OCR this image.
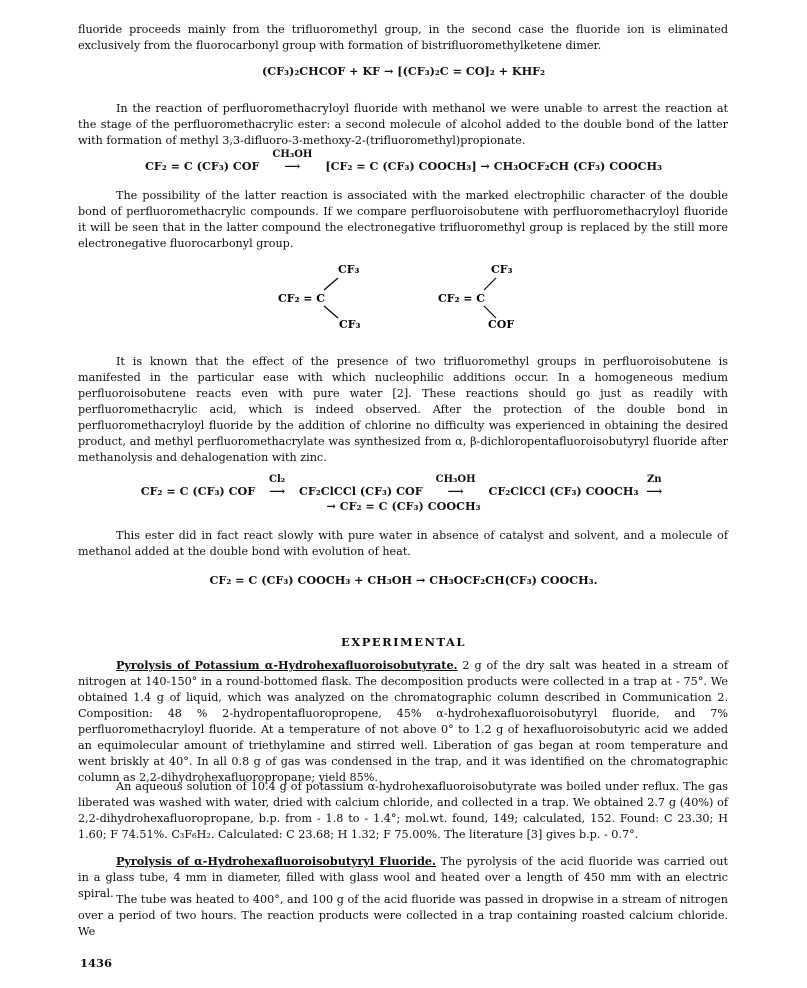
fluoride proceeds mainly from the trifluoromethyl group, in the second case the fluoride ion is eliminated exclusively from the fluorocarbonyl group with formation of bistrifluoromethylketene dimer.

(CF₃)₂CHCOF + KF → [(CF₃)₂C = CO]₂ + KHF₂

In the reaction of perfluoromethacryloyl fluoride with methanol we were unable to arrest the reaction at the stage of the perfluoromethacrylic ester: a second molecule of alcohol added to the double bond of the latter with formation of methyl 3,3-difluoro-3-methoxy-2-(trifluoromethyl)propionate.

CF₂ = C (CF₃) COF
CH₃OH
⟶ [CF₂ = C (CF₃) COOCH₃] → CH₃OCF₂CH (CF₃) COOCH₃

The possibility of the latter reaction is associated with the marked electrophilic character of the double bond of perfluoromethacrylic compounds. If we compare perfluoroisobutene with perfluoromethacryloyl fluoride it will be seen that in the latter compound the electronegative trifluoromethyl group is replaced by the still more electronegative fluorocarbonyl group.

CF₃
CF₂ = C
CF₃
CF₃
CF₂ = C
COF

It is known that the effect of the presence of two trifluoromethyl groups in perfluoroisobutene is manifested in the particular ease with which nucleophilic additions occur. In a homogeneous medium perfluoroisobutene reacts even with pure water [2]. These reactions should go just as readily with perfluoromethacrylic acid, which is indeed observed. After the protection of the double bond in perfluoromethacryloyl fluoride by the addition of chlorine no difficulty was experienced in obtaining the desired product, and methyl perfluoromethacrylate was synthesized from α, β-dichloropentafluoroisobutyryl fluoride after methanolysis and dehalogenation with zinc.

CF₂ = C (CF₃) COF
Cl₂
⟶ CF₂ClCCl (CF₃) COF
CH₃OH
⟶ CF₂ClCCl (CF₃) COOCH₃
Zn
⟶

→ CF₂ = C (CF₃) COOCH₃

This ester did in fact react slowly with pure water in absence of catalyst and solvent, and a molecule of methanol added at the double bond with evolution of heat.

CF₂ = C (CF₃) COOCH₃ + CH₃OH → CH₃OCF₂CH(CF₃) COOCH₃.

EXPERIMENTAL

Pyrolysis of Potassium α-Hydrohexafluoroisobutyrate. 2 g of the dry salt was heated in a stream of nitrogen at 140-150° in a round-bottomed flask. The decomposition products were collected in a trap at - 75°. We obtained 1.4 g of liquid, which was analyzed on the chromatographic column described in Communication 2. Composition: 48 % 2-hydropentafluoropropene, 45% α-hydrohexafluoroisobutyryl fluoride, and 7% perfluoromethacryloyl fluoride. At a temperature of not above 0° to 1.2 g of hexafluoroisobutyric acid we added an equimolecular amount of triethylamine and stirred well. Liberation of gas began at room temperature and went briskly at 40°. In all 0.8 g of gas was condensed in the trap, and it was identified on the chromatographic column as 2,2-dihydrohexafluoropropane; yield 85%.

An aqueous solution of 10.4 g of potassium α-hydrohexafluoroisobutyrate was boiled under reflux. The gas liberated was washed with water, dried with calcium chloride, and collected in a trap. We obtained 2.7 g (40%) of 2,2-dihydrohexafluoropropane, b.p. from - 1.8 to - 1.4°; mol.wt. found, 149; calculated, 152. Found: C 23.30; H 1.60; F 74.51%. C₃F₆H₂. Calculated: C 23.68; H 1.32; F 75.00%. The literature [3] gives b.p. - 0.7°.

Pyrolysis of α-Hydrohexafluoroisobutyryl Fluoride. The pyrolysis of the acid fluoride was carried out in a glass tube, 4 mm in diameter, filled with glass wool and heated over a length of 450 mm with an electric spiral. The tube was heated to 400°, and 100 g of the acid fluoride was passed in dropwise in a stream of nitrogen over a period of two hours. The reaction products were collected in a trap containing roasted calcium chloride. We

1436
